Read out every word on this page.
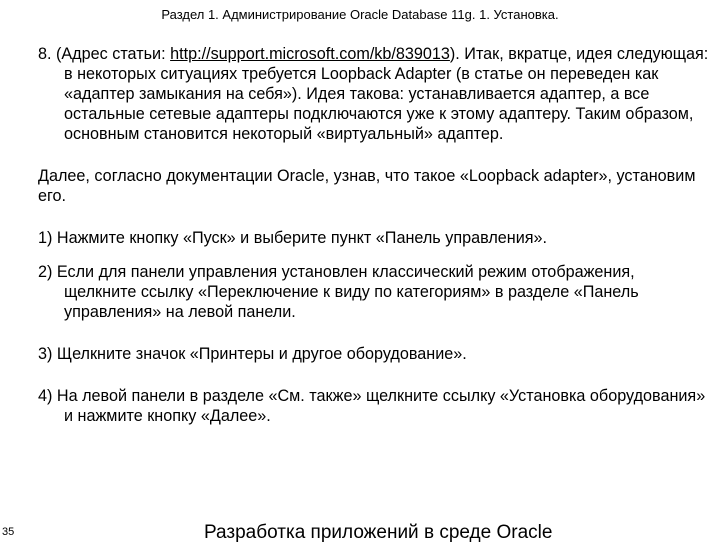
Раздел 1. Администрирование Oracle Database 11g. 1. Установка.

8. (Адрес статьи: http://support.microsoft.com/kb/839013). Итак, вкратце, идея следующая: в некоторых ситуациях требуется Loopback Adapter (в статье он переведен как «адаптер замыкания на себя»). Идея такова: устанавливается адаптер, а все остальные сетевые адаптеры подключаются уже к этому адаптеру. Таким образом, основным становится некоторый «виртуальный» адаптер.

Далее, согласно документации Oracle, узнав, что такое «Loopback adapter», установим его.

1) Нажмите кнопку «Пуск» и выберите пункт «Панель управления».

2) Если для панели управления установлен классический режим отображения, щелкните ссылку «Переключение к виду по категориям» в разделе «Панель управления» на левой панели.

3) Щелкните значок «Принтеры и другое оборудование».

4) На левой панели в разделе «См. также» щелкните ссылку «Установка оборудования» и нажмите кнопку «Далее».

35	Разработка приложений в среде Oracle
